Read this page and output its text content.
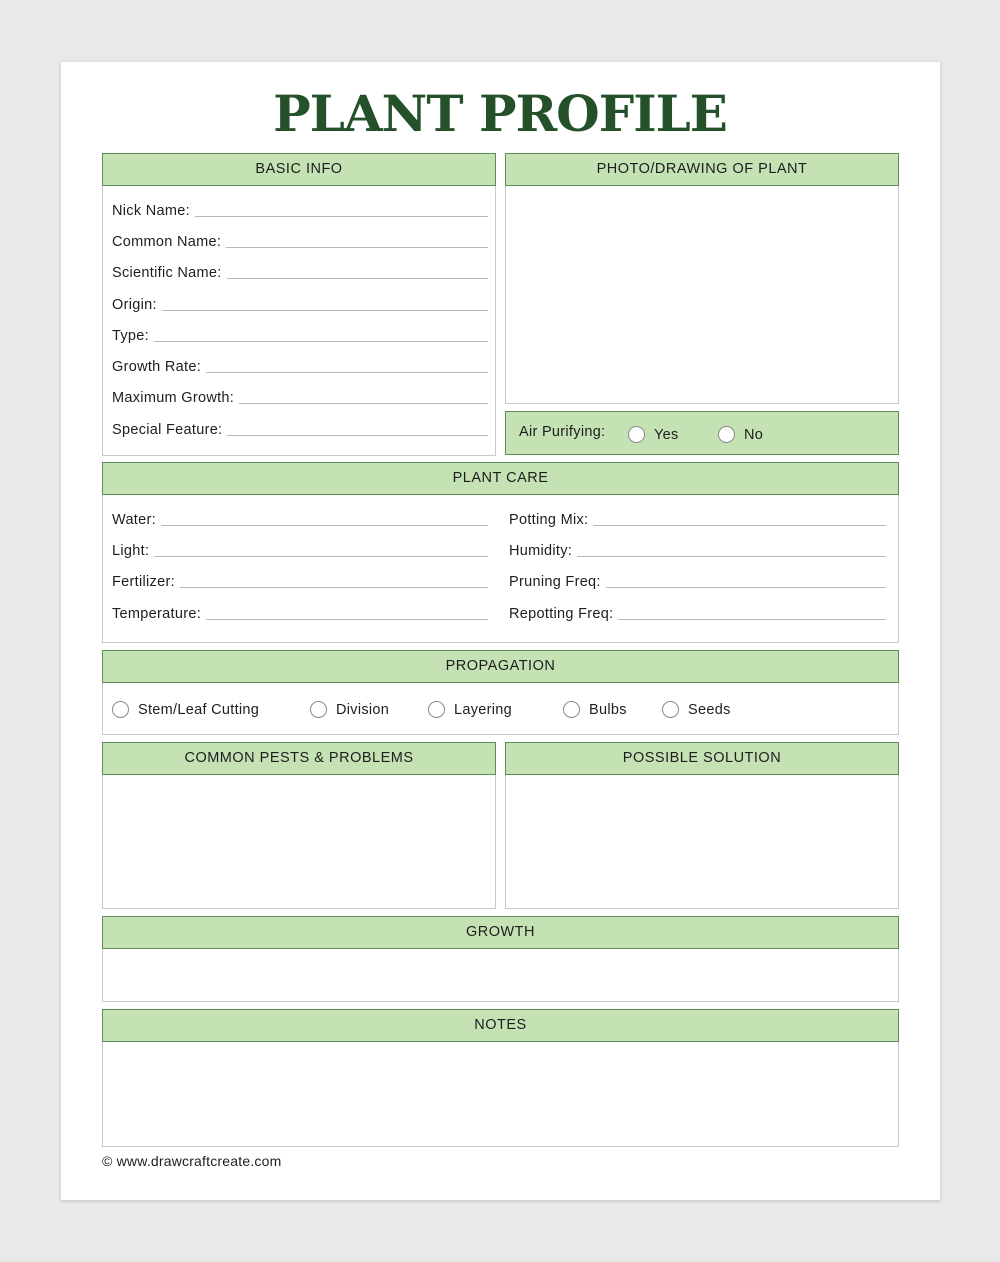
PLANT PROFILE
BASIC INFO
Nick Name:
Common Name:
Scientific Name:
Origin:
Type:
Growth Rate:
Maximum Growth:
Special Feature:
PHOTO/DRAWING OF PLANT
Air Purifying:	Yes	No
PLANT CARE
Water:
Light:
Fertilizer:
Temperature:
Potting Mix:
Humidity:
Pruning Freq:
Repotting Freq:
PROPAGATION
Stem/Leaf Cutting	Division	Layering	Bulbs	Seeds
COMMON PESTS & PROBLEMS	POSSIBLE SOLUTION
GROWTH
NOTES
© www.drawcraftcreate.com
